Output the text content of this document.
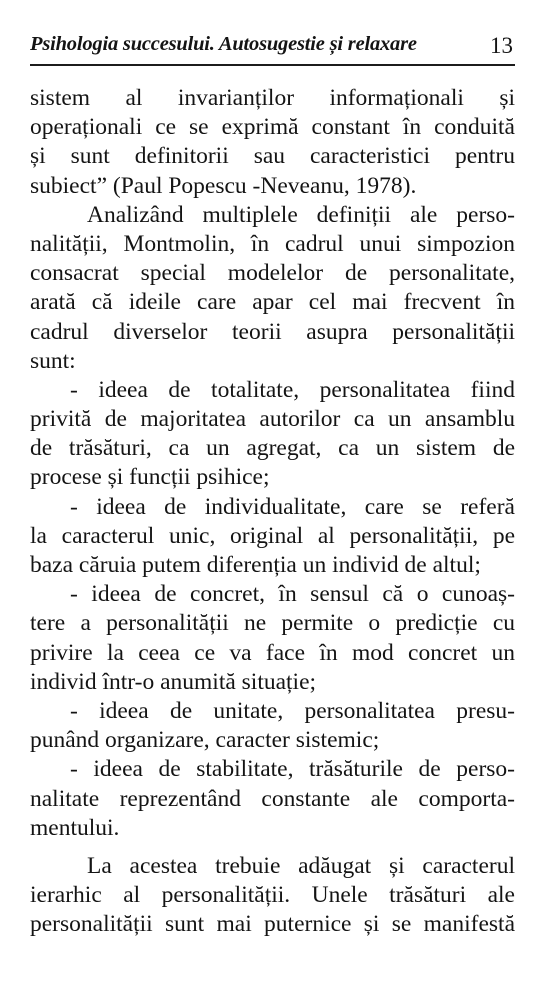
Psihologia succesului. Autosugestie și relaxare	13
sistem al invarianților informaționali și
operaționali ce se exprimă constant în conduită
și sunt definitorii sau caracteristici pentru
subiect” (Paul Popescu -Neveanu, 1978).
Analizând multiplele definiții ale perso-
nalității, Montmolin, în cadrul unui simpozion
consacrat special modelelor de personalitate,
arată că ideile care apar cel mai frecvent în
cadrul diverselor teorii asupra personalității
sunt:
- ideea de totalitate, personalitatea fiind
privită de majoritatea autorilor ca un ansamblu
de trăsături, ca un agregat, ca un sistem de
procese și funcții psihice;
- ideea de individualitate, care se referă
la caracterul unic, original al personalității, pe
baza căruia putem diferenția un individ de altul;
- ideea de concret, în sensul că o cunoaș-
tere a personalității ne permite o predicție cu
privire la ceea ce va face în mod concret un
individ într-o anumită situație;
- ideea de unitate, personalitatea presu-
punând organizare, caracter sistemic;
- ideea de stabilitate, trăsăturile de perso-
nalitate reprezentând constante ale comporta-
mentului.
La acestea trebuie adăugat și caracterul
ierarhic al personalității. Unele trăsături ale
personalității sunt mai puternice și se manifestă
